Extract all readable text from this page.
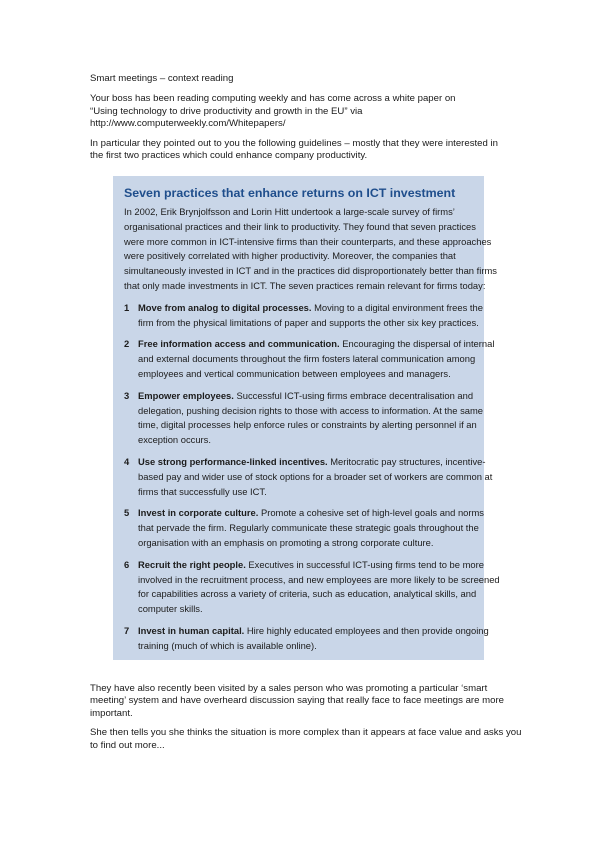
Smart meetings – context reading

Your boss has been reading computing weekly and has come across a white paper on
“Using technology to drive productivity and growth in the EU” via
http://www.computerweekly.com/Whitepapers/

In particular they pointed out to you the following guidelines – mostly that they were interested in
the first two practices which could enhance company productivity.

Seven practices that enhance returns on ICT investment

In 2002, Erik Brynjolfsson and Lorin Hitt undertook a large-scale survey of firms’
organisational practices and their link to productivity. They found that seven practices
were more common in ICT-intensive firms than their counterparts, and these approaches
were positively correlated with higher productivity. Moreover, the companies that
simultaneously invested in ICT and in the practices did disproportionately better than firms
that only made investments in ICT. The seven practices remain relevant for firms today:

1 Move from analog to digital processes. Moving to a digital environment frees the
firm from the physical limitations of paper and supports the other six key practices.
2 Free information access and communication. Encouraging the dispersal of internal
and external documents throughout the firm fosters lateral communication among
employees and vertical communication between employees and managers.
3 Empower employees. Successful ICT-using firms embrace decentralisation and
delegation, pushing decision rights to those with access to information. At the same
time, digital processes help enforce rules or constraints by alerting personnel if an
exception occurs.
4 Use strong performance-linked incentives. Meritocratic pay structures, incentive-
based pay and wider use of stock options for a broader set of workers are common at
firms that successfully use ICT.
5 Invest in corporate culture. Promote a cohesive set of high-level goals and norms
that pervade the firm. Regularly communicate these strategic goals throughout the
organisation with an emphasis on promoting a strong corporate culture.
6 Recruit the right people. Executives in successful ICT-using firms tend to be more
involved in the recruitment process, and new employees are more likely to be screened
for capabilities across a variety of criteria, such as education, analytical skills, and
computer skills.
7 Invest in human capital. Hire highly educated employees and then provide ongoing
training (much of which is available online).

They have also recently been visited by a sales person who was promoting a particular ‘smart
meeting’ system and have overheard discussion saying that really face to face meetings are more
important.

She then tells you she thinks the situation is more complex than it appears at face value and asks you
to find out more...
